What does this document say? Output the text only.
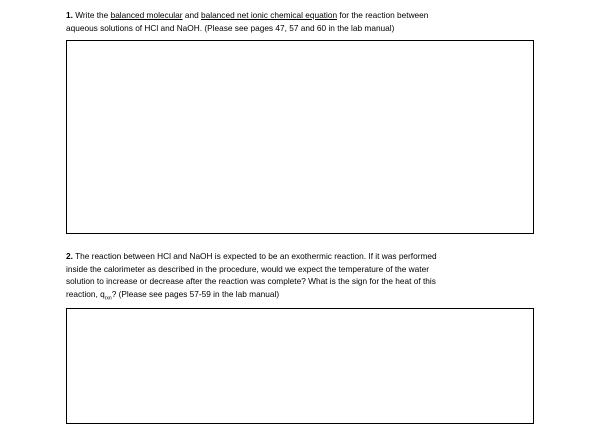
1. Write the balanced molecular and balanced net ionic chemical equation for the reaction between
aqueous solutions of HCl and NaOH. (Please see pages 47, 57 and 60 in the lab manual)
2. The reaction between HCl and NaOH is expected to be an exothermic reaction. If it was performed
inside the calorimeter as described in the procedure, would we expect the temperature of the water
solution to increase or decrease after the reaction was complete? What is the sign for the heat of this
reaction, $q_{rxn}$? (Please see pages 57-59 in the lab manual)
